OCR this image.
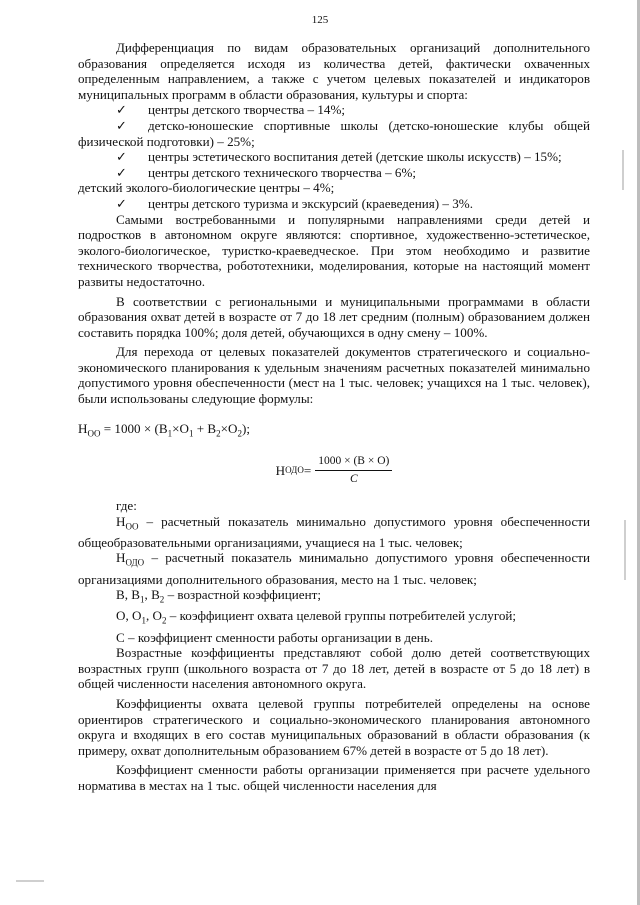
125

Дифференциация по видам образовательных организаций дополнительного образования определяется исходя из количества детей, фактически охваченных определенным направлением, а также с учетом целевых показателей и индикаторов муниципальных программ в области образования, культуры и спорта:

✓ центры детского творчества – 14%;

✓ детско-юношеские спортивные школы (детско-юношеские клубы общей физической подготовки) – 25%;

✓ центры эстетического воспитания детей (детские школы искусств) – 15%;

✓ центры детского технического творчества – 6%;

детский эколого-биологические центры – 4%;

✓ центры детского туризма и экскурсий (краеведения) – 3%.

Самыми востребованными и популярными направлениями среди детей и подростков в автономном округе являются: спортивное, художественно-эстетическое, эколого-биологическое, туристко-краеведческое. При этом необходимо и развитие технического творчества, робототехники, моделирования, которые на настоящий момент развиты недостаточно.

В соответствии с региональными и муниципальными программами в области образования охват детей в возрасте от 7 до 18 лет средним (полным) образованием должен составить порядка 100%; доля детей, обучающихся в одну смену – 100%.

Для перехода от целевых показателей документов стратегического и социально-экономического планирования к удельным значениям расчетных показателей минимально допустимого уровня обеспеченности (мест на 1 тыс. человек; учащихся на 1 тыс. человек), были использованы следующие формулы:

$Н_{ОО} = 1000 \times (В_1\times О_1 + В_2\times О_2)$;

Н ОДО = $\frac{1000 \times (В \times О)}{С}$

где:

$Н_{ОО}$ – расчетный показатель минимально допустимого уровня обеспеченности общеобразовательными организациями, учащиеся на 1 тыс. человек;

$Н_{ОДО}$ – расчетный показатель минимально допустимого уровня обеспеченности организациями дополнительного образования, место на 1 тыс. человек;

В, $В_1$, $В_2$ – возрастной коэффициент;

О, $О_1$, $О_2$ – коэффициент охвата целевой группы потребителей услугой;

С – коэффициент сменности работы организации в день.

Возрастные коэффициенты представляют собой долю детей соответствующих возрастных групп (школьного возраста от 7 до 18 лет, детей в возрасте от 5 до 18 лет) в общей численности населения автономного округа.

Коэффициенты охвата целевой группы потребителей определены на основе ориентиров стратегического и социально-экономического планирования автономного округа и входящих в его состав муниципальных образований в области образования (к примеру, охват дополнительным образованием 67% детей в возрасте от 5 до 18 лет).

Коэффициент сменности работы организации применяется при расчете удельного норматива в местах на 1 тыс. общей численности населения для
